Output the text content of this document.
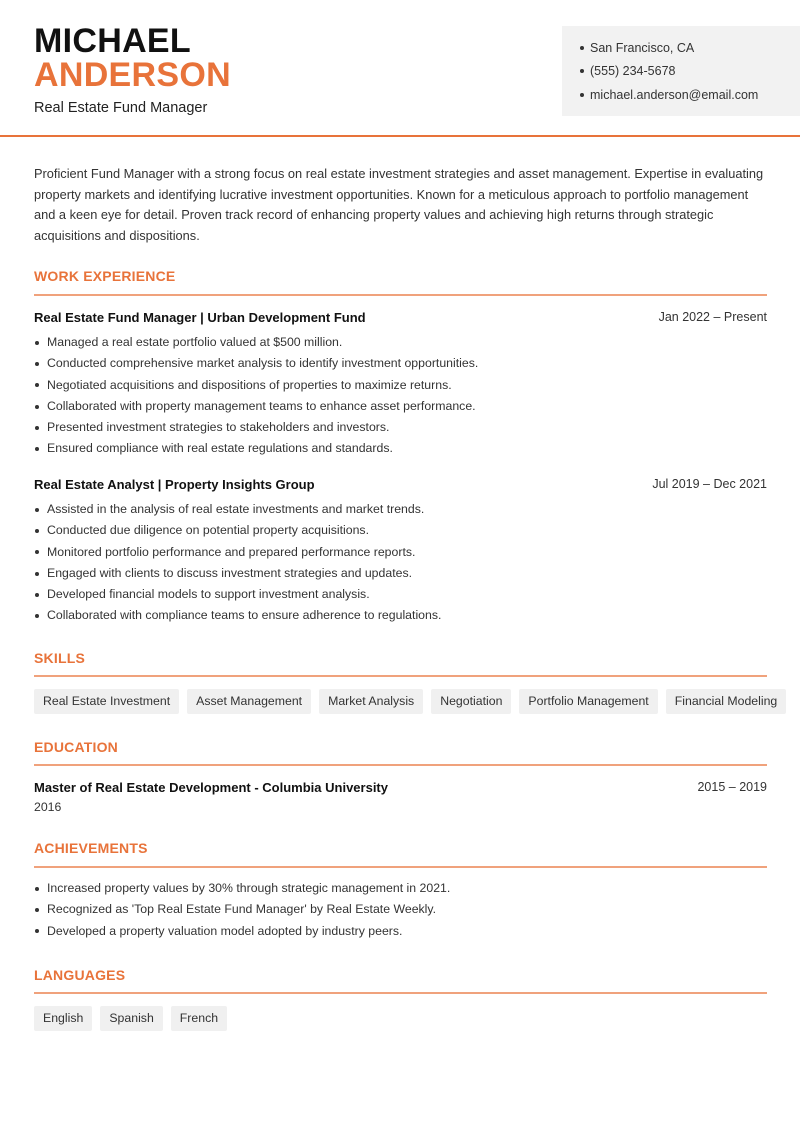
MICHAEL
ANDERSON
Real Estate Fund Manager
San Francisco, CA
(555) 234-5678
michael.anderson@email.com

Proficient Fund Manager with a strong focus on real estate investment strategies and asset management. Expertise in evaluating property markets and identifying lucrative investment opportunities. Known for a meticulous approach to portfolio management and a keen eye for detail. Proven track record of enhancing property values and achieving high returns through strategic acquisitions and dispositions.

WORK EXPERIENCE
Real Estate Fund Manager | Urban Development Fund	Jan 2022 – Present
Managed a real estate portfolio valued at $500 million.
Conducted comprehensive market analysis to identify investment opportunities.
Negotiated acquisitions and dispositions of properties to maximize returns.
Collaborated with property management teams to enhance asset performance.
Presented investment strategies to stakeholders and investors.
Ensured compliance with real estate regulations and standards.
Real Estate Analyst | Property Insights Group	Jul 2019 – Dec 2021
Assisted in the analysis of real estate investments and market trends.
Conducted due diligence on potential property acquisitions.
Monitored portfolio performance and prepared performance reports.
Engaged with clients to discuss investment strategies and updates.
Developed financial models to support investment analysis.
Collaborated with compliance teams to ensure adherence to regulations.
SKILLS
Real Estate Investment	Asset Management	Market Analysis	Negotiation	Portfolio Management	Financial Modeling
EDUCATION
Master of Real Estate Development - Columbia University	2015 – 2019
2016
ACHIEVEMENTS
Increased property values by 30% through strategic management in 2021.
Recognized as 'Top Real Estate Fund Manager' by Real Estate Weekly.
Developed a property valuation model adopted by industry peers.
LANGUAGES
English	Spanish	French
